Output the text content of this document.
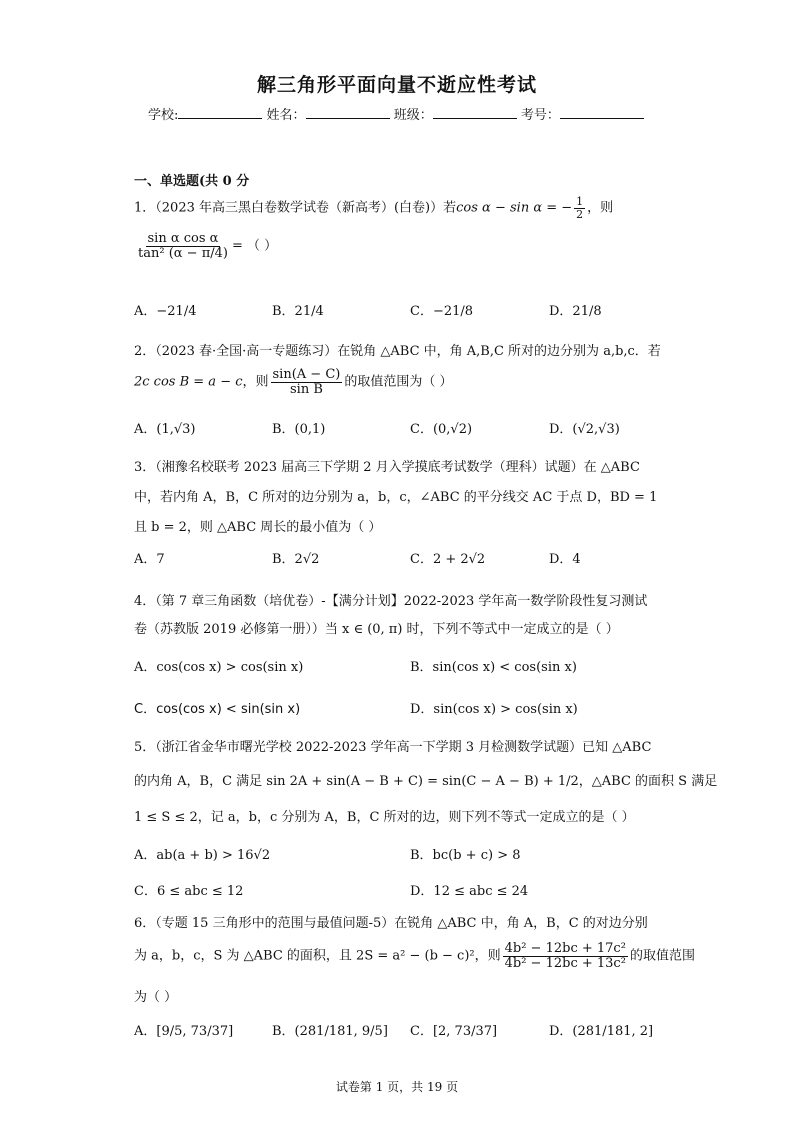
解三角形平面向量不逝应性考试
学校:	姓名：	班级：	考号：
一、单选题(共 0 分
1．（2023 年高三黑白卷数学试卷（新高考）(白卷)）若cos α − sin α = − $\frac{1}{2}$ ，则
$\frac{\text{sin α cos α}}{\text{tan² (α − π/4)}}$ = （ ）
A．−21/4	B．21/4	C．−21/8	D．21/8
2．（2023 春·全国·高一专题练习）在锐角 △ABC 中，角 A,B,C 所对的边分别为 a,b,c．若
2c cos B = a − c，则 $\frac{\sin(A - C)}{\text{sin B}}$ 的取值范围为（ ）
A．(1,√3)	B．(0,1)	C．(0,√2)	D．(√2,√3)
3．（湘豫名校联考 2023 届高三下学期 2 月入学摸底考试数学（理科）试题）在 △ABC
中，若内角 A，B，C 所对的边分别为 a，b，c，∠ABC 的平分线交 AC 于点 D，BD = 1
且 b = 2，则 △ABC 周长的最小值为（ ）
A．7	B．2√2	C．2 + 2√2	D．4
4．（第 7 章三角函数（培优卷）-【满分计划】2022-2023 学年高一数学阶段性复习测试
卷（苏教版 2019 必修第一册））当 x ∈ (0, π) 时，下列不等式中一定成立的是（ ）
A．cos(cos x) > cos(sin x)	B．sin(cos x) < cos(sin x)
C．cos(cos x) < sin(sin x)	D．sin(cos x) > cos(sin x)
5．（浙江省金华市曙光学校 2022-2023 学年高一下学期 3 月检测数学试题）已知 △ABC
的内角 A，B，C 满足 sin 2A + sin(A − B + C) = sin(C − A − B) + 1/2，△ABC 的面积 S 满足
1 ≤ S ≤ 2，记 a，b，c 分别为 A，B，C 所对的边，则下列不等式一定成立的是（ ）
A．ab(a + b) > 16√2	B．bc(b + c) > 8
C．6 ≤ abc ≤ 12	D．12 ≤ abc ≤ 24
6．（专题 15 三角形中的范围与最值问题-5）在锐角 △ABC 中，角 A，B，C 的对边分别
为 a，b，c，S 为 △ABC 的面积，且 2S = a² − (b − c)²，则 $\frac{\text{4b² − 12bc + 17c²}}{\text{4b² − 12bc + 13c²}}$ 的取值范围
为（ ）
A．[9/5, 73/37]	B．(281/181, 9/5] C．[2, 73/37]	D．(281/181, 2]
试卷第 1 页，共 19 页
